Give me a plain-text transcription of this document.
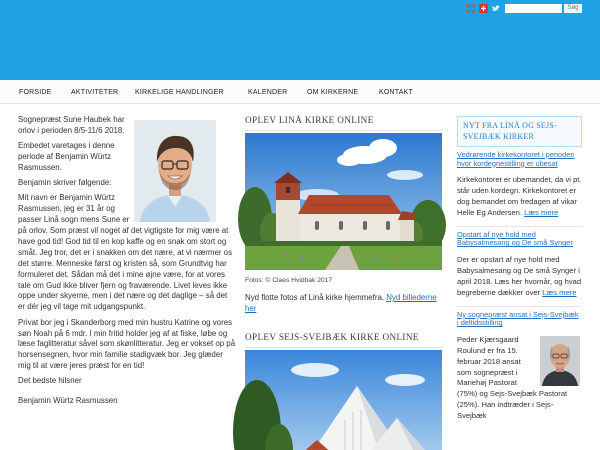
Søg
FORSIDE	AKTIVITETER KIRKELIGE HANDLINGER	KALENDER	OM KIRKERNE	KONTAKT

Sognepræst Sune Haubek har orlov i perioden 8/5-11/6 2018.

Embedet varetages i denne periode af Benjamin Würtz Rasmussen.

Benjamin skriver følgende:

Mit navn er Benjamin Würtz Rasmussen, jeg er 31 år og passer Linå sogn mens Sune er på orlov. Som præst vil noget af det vigtigste for mig være at have god tid! God tid til en kop kaffe og en snak om stort og småt. Jeg tror, det er i snakken om det nære, at vi nærmer os det større. Menneske først og kristen så, som Grundtvig har formuleret det. Sådan må det i mine øjne være, for at vores tale om Gud ikke bliver fjern og fraværende. Livet leves ikke oppe under skyerne, men i det nære og det daglige – så det er dér jeg vil tage mit udgangspunkt.

Privat bor jeg i Skanderborg med min hustru Katrine og vores søn Noah på 6 mdr. I min fritid holder jeg af at fiske, løbe og læse faglitteratur såvel som skønlitteratur. Jeg er vokset op på horsensegnen, hvor min familie stadigvæk bor. Jeg glæder mig til at være jeres præst for en tid!

Det bedste hilsner

Benjamin Würtz Rasmussen

OPLEV LINÅ KIRKE ONLINE

Fotos: © Claes Hvidbak 2017

Nyd flotte fotos af Linå kirke hjemmefra. Nyd billederne her

OPLEV SEJS-SVEJBÆK KIRKE ONLINE
NYT FRA LINÅ OG SEJS-SVEJBÆK KIRKER
Vedrørende kirkekontoret i perioden hvor kordegnestilling er ubesat

Kirkekontoret er ubemandet, da vi pt. står uden kordegn. Kirkekontoret er dog bemandet om fredagen af vikar Helle Eg Andersen. Læs mere

Opstart af nye hold med Babysalmesang og De små Synger

Der er opstart af nye hold med Babysalmesang og De små Synger i april 2018. Læs her hvornår, og hvad begreberne dækker over Læs mere

Ny sognepræst ansat i Sejs-Svejbæk i deltidsstilling
Peder Kjærsgaard Roulund er fra 15. februar 2018 ansat som sognepræst i Mariehøj Pastorat (75%) og Sejs-Svejbæk Pastorat (25%). Han indtræder i Sejs-Svejbæk
